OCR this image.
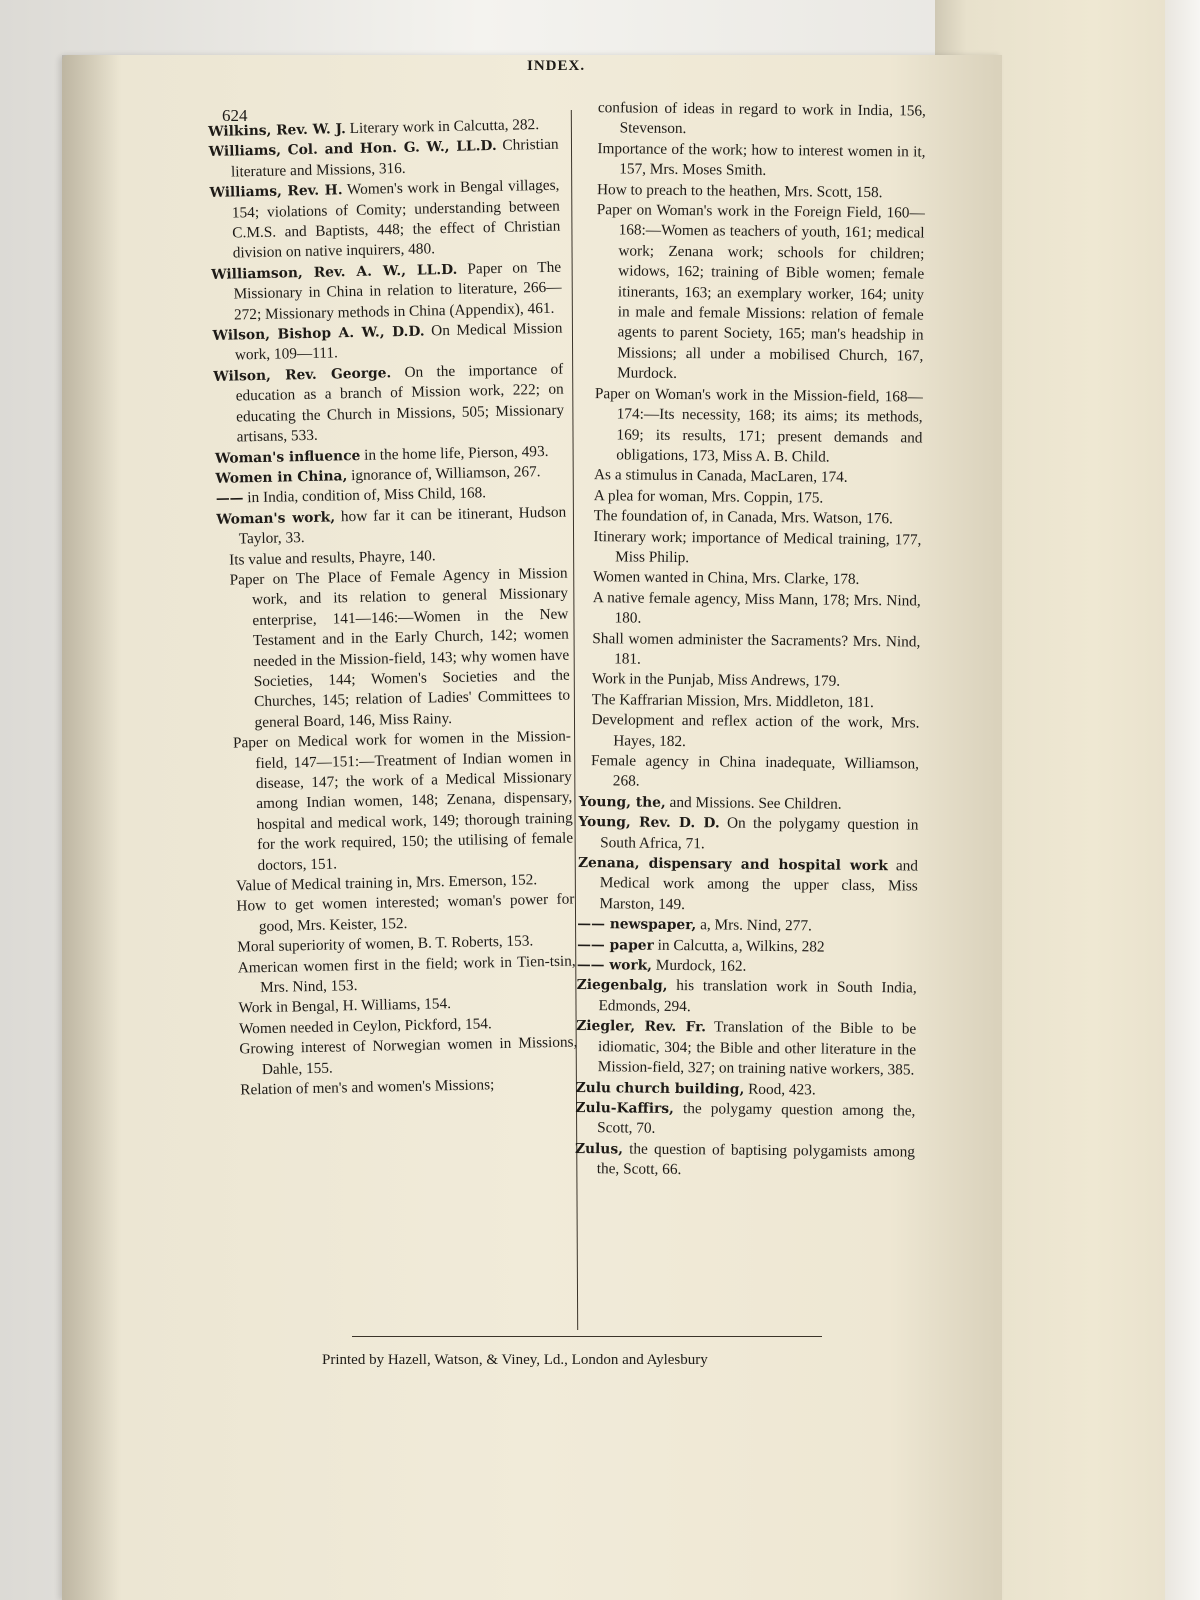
INDEX.
624

Wilkins, Rev. W. J. Literary work in Calcutta, 282.

Williams, Col. and Hon. G. W., LL.D. Christian literature and Missions, 316.

Williams, Rev. H. Women's work in Bengal villages, 154; violations of Comity; understanding between C.M.S. and Baptists, 448; the effect of Christian division on native inquirers, 480.

Williamson, Rev. A. W., LL.D. Paper on The Missionary in China in relation to literature, 266—272; Missionary methods in China (Appendix), 461.

Wilson, Bishop A. W., D.D. On Medical Mission work, 109—111.

Wilson, Rev. George. On the importance of education as a branch of Mission work, 222; on educating the Church in Missions, 505; Missionary artisans, 533.

Woman's influence in the home life, Pierson, 493.

Women in China, ignorance of, Williamson, 267.

—— in India, condition of, Miss Child, 168.

Woman's work, how far it can be itinerant, Hudson Taylor, 33.

Its value and results, Phayre, 140.

Paper on The Place of Female Agency in Mission work, and its relation to general Missionary enterprise, 141—146:—Women in the New Testament and in the Early Church, 142; women needed in the Mission-field, 143; why women have Societies, 144; Women's Societies and the Churches, 145; relation of Ladies' Committees to general Board, 146, Miss Rainy.

Paper on Medical work for women in the Mission-field, 147—151:—Treatment of Indian women in disease, 147; the work of a Medical Missionary among Indian women, 148; Zenana, dispensary, hospital and medical work, 149; thorough training for the work required, 150; the utilising of female doctors, 151.

Value of Medical training in, Mrs. Emerson, 152.

How to get women interested; woman's power for good, Mrs. Keister, 152.

Moral superiority of women, B. T. Roberts, 153.

American women first in the field; work in Tien-tsin, Mrs. Nind, 153.

Work in Bengal, H. Williams, 154.

Women needed in Ceylon, Pickford, 154.

Growing interest of Norwegian women in Missions, Dahle, 155.

Relation of men's and women's Missions;

confusion of ideas in regard to work in India, 156, Stevenson.

Importance of the work; how to interest women in it, 157, Mrs. Moses Smith.

How to preach to the heathen, Mrs. Scott, 158.

Paper on Woman's work in the Foreign Field, 160—168:—Women as teachers of youth, 161; medical work; Zenana work; schools for children; widows, 162; training of Bible women; female itinerants, 163; an exemplary worker, 164; unity in male and female Missions: relation of female agents to parent Society, 165; man's headship in Missions; all under a mobilised Church, 167, Murdock.

Paper on Woman's work in the Mission-field, 168—174:—Its necessity, 168; its aims; its methods, 169; its results, 171; present demands and obligations, 173, Miss A. B. Child.

As a stimulus in Canada, MacLaren, 174.

A plea for woman, Mrs. Coppin, 175.

The foundation of, in Canada, Mrs. Watson, 176.

Itinerary work; importance of Medical training, 177, Miss Philip.

Women wanted in China, Mrs. Clarke, 178.

A native female agency, Miss Mann, 178; Mrs. Nind, 180.

Shall women administer the Sacraments? Mrs. Nind, 181.

Work in the Punjab, Miss Andrews, 179.

The Kaffrarian Mission, Mrs. Middleton, 181.

Development and reflex action of the work, Mrs. Hayes, 182.

Female agency in China inadequate, Williamson, 268.

Young, the, and Missions. See Children.

Young, Rev. D. D. On the polygamy question in South Africa, 71.

Zenana, dispensary and hospital work and Medical work among the upper class, Miss Marston, 149.

—— newspaper, a, Mrs. Nind, 277.

—— paper in Calcutta, a, Wilkins, 282

—— work, Murdock, 162.

Ziegenbalg, his translation work in South India, Edmonds, 294.

Ziegler, Rev. Fr. Translation of the Bible to be idiomatic, 304; the Bible and other literature in the Mission-field, 327; on training native workers, 385.

Zulu church building, Rood, 423.

Zulu-Kaffirs, the polygamy question among the, Scott, 70.

Zulus, the question of baptising polygamists among the, Scott, 66.

Printed by Hazell, Watson, & Viney, Ld., London and Aylesbury
